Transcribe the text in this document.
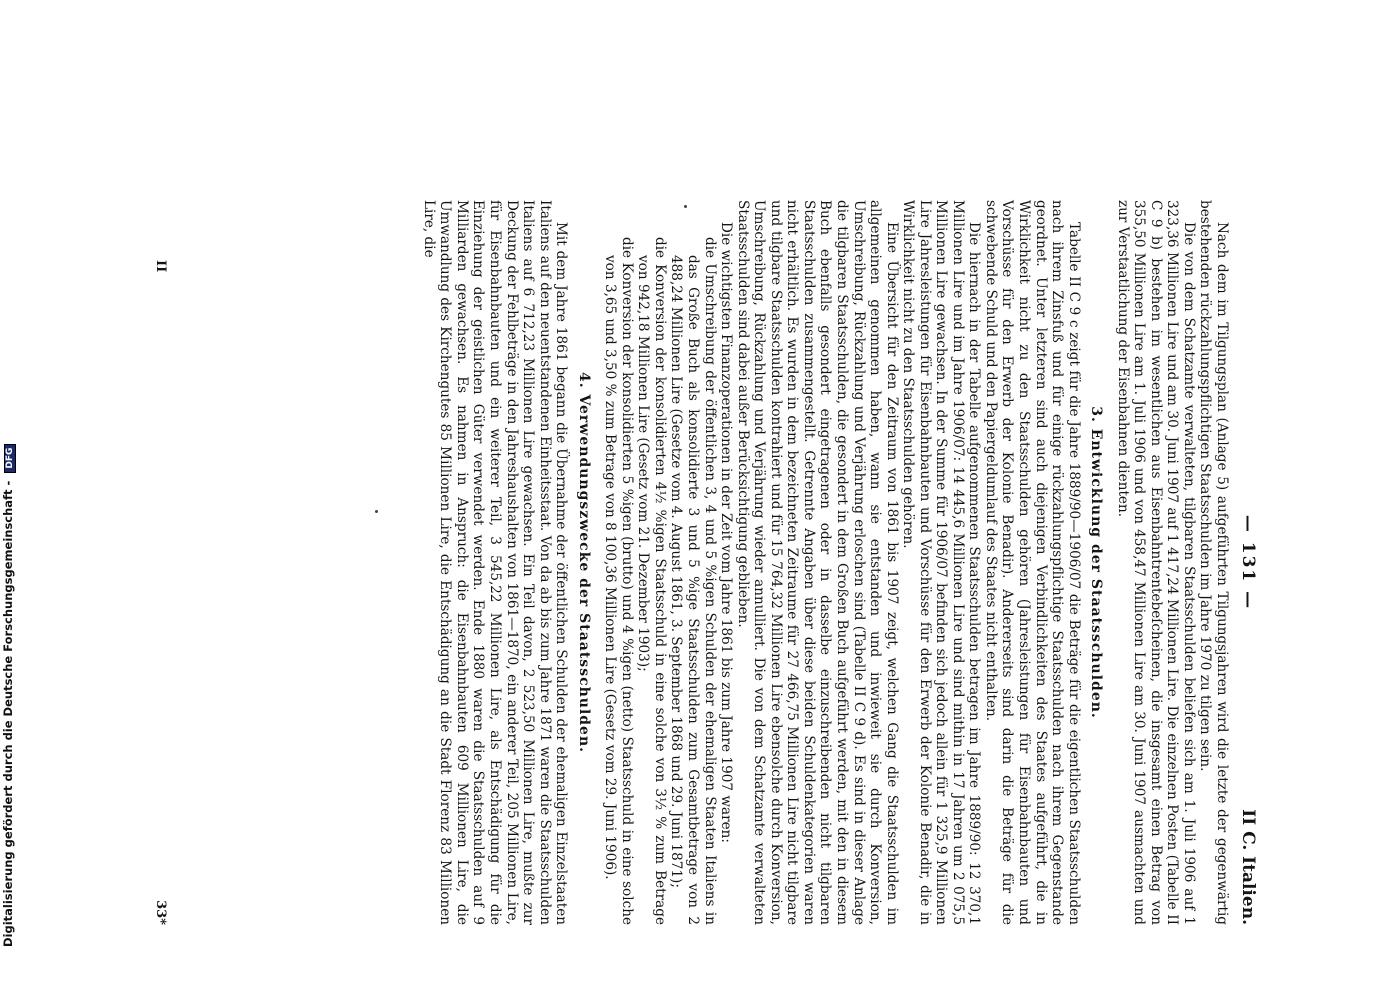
Digitalisierung gefördert durch die Deutsche Forschungsgemeinschaft - DFG
— 131 —
II C. Italien.

Nach dem im Tilgungsplan (Anlage 5) aufgeführten Tilgungsjahren wird die letzte der gegenwärtig bestehenden rückzahlungspflichtigen Staatsschulden im Jahre 1970 zu tilgen sein.

Die von dem Schatzamte verwalteten, tilgbaren Staatsschulden beliefen sich am 1. Juli 1906 auf 1 323,36 Millionen Lire und am 30. Juni 1907 auf 1 417,24 Millionen Lire. Die einzelnen Posten (Tabelle II C 9 b) bestehen im wesentlichen aus Eisenbahntrentebeſcheinen, die insgesamt einen Betrag von 355,50 Millionen Lire am 1. Juli 1906 und von 458,47 Millionen Lire am 30. Juni 1907 ausmachten und zur Verstaatlichung der Eisenbahnen dienten.

3. Entwicklung der Staatsschulden.

Tabelle II C 9 c zeigt für die Jahre 1889/90—1906/07 die Beträge für die eigentlichen Staatsschulden nach ihrem Zinsfuß und für einige rückzahlungspflichtige Staatsschulden nach ihrem Gegenstande geordnet. Unter letzteren sind auch diejenigen Verbindlichkeiten des Staates aufgeführt, die in Wirklichkeit nicht zu den Staatsschulden gehören (Jahresleistungen für Eisenbahnbauten und Vorschüsse für den Erwerb der Kolonie Benadir). Andererseits sind darin die Beträge für die schwebende Schuld und den Papiergeldumlauf des Staates nicht enthalten.

Die hiernach in der Tabelle aufgenommenen Staatsschulden betragen im Jahre 1889/90: 12 370,1 Millionen Lire und im Jahre 1906/07: 14 445,6 Millionen Lire und sind mithin in 17 Jahren um 2 075,5 Millionen Lire gewachsen. In der Summe für 1906/07 befinden sich jedoch allein für 1 325,9 Millionen Lire Jahresleistungen für Eisenbahnbauten und Vorschüsse für den Erwerb der Kolonie Benadir, die in Wirklichkeit nicht zu den Staatsschulden gehören.

Eine Übersicht für den Zeitraum von 1861 bis 1907 zeigt, welchen Gang die Staatsschulden im allgemeinen genommen haben, wann sie entstanden und inwieweit sie durch Konversion, Umschreibung, Rückzahlung und Verjährung erloschen sind (Tabelle II C 9 d). Es sind in dieser Anlage die tilgbaren Staatsschulden, die gesondert in dem Großen Buch aufgeführt werden, mit den in diesem Buch ebenfalls gesondert eingetragenen oder in dasselbe einzuschreibenden nicht tilgbaren Staatsschulden zusammengestellt. Getrennte Angaben über diese beiden Schuldenkategorien waren nicht erhältlich. Es wurden in dem bezeichneten Zeitraume für 27 466,75 Millionen Lire nicht tilgbare und tilgbare Staatsschulden kontrahiert und für 15 764,32 Millionen Lire ebensolche durch Konversion, Umschreibung, Rückzahlung und Verjährung wieder annulliert. Die von dem Schatzamte verwalteten Staatsschulden sind dabei außer Berücksichtigung geblieben.

Die wichtigsten Finanzoperationen in der Zeit vom Jahre 1861 bis zum Jahre 1907 waren:

die Umschreibung der öffentlichen 3, 4 und 5 %igen Schulden der ehemaligen Staaten Italiens in das Große Buch als konsolidierte 3 und 5 %ige Staatsschulden zum Gesamtbetrage von 2 488,24 Millionen Lire (Gesetze vom 4. August 1861, 3. September 1868 und 29. Juni 1871);

die Konversion der konsolidierten 4½ %igen Staatsschuld in eine solche von 3½ % zum Betrage von 942,18 Millionen Lire (Gesetz vom 21. Dezember 1903);

die Konversion der konsolidierten 5 %igen (brutto) und 4 %igen (netto) Staatsschuld in eine solche von 3,65 und 3,50 % zum Betrage von 8 100,36 Millionen Lire (Gesetz vom 29. Juni 1906).

4. Verwendungszwecke der Staatsschulden.

Mit dem Jahre 1861 begann die Übernahme der öffentlichen Schulden der ehemaligen Einzelstaaten Italiens auf den neuentstandenen Einheitsstaat. Von da ab bis zum Jahre 1871 waren die Staatsschulden Italiens auf 6 712,23 Millionen Lire gewachsen. Ein Teil davon, 2 523,50 Millionen Lire, mußte zur Deckung der Fehlbeträge in den Jahreshaushalten von 1861—1870, ein anderer Teil, 205 Millionen Lire, für Eisenbahnbauten und ein weiterer Teil, 3 545,22 Millionen Lire, als Entschädigung für die Einziehung der geistlichen Güter verwendet werden. Ende 1880 waren die Staatsschulden auf 9 Milliarden gewachsen. Es nahmen in Anspruch: die Eisenbahnbauten 609 Millionen Lire, die Umwandlung des Kirchengutes 85 Millionen Lire, die Entschädigung an die Stadt Florenz 83 Millionen Lire, die

II
33*
